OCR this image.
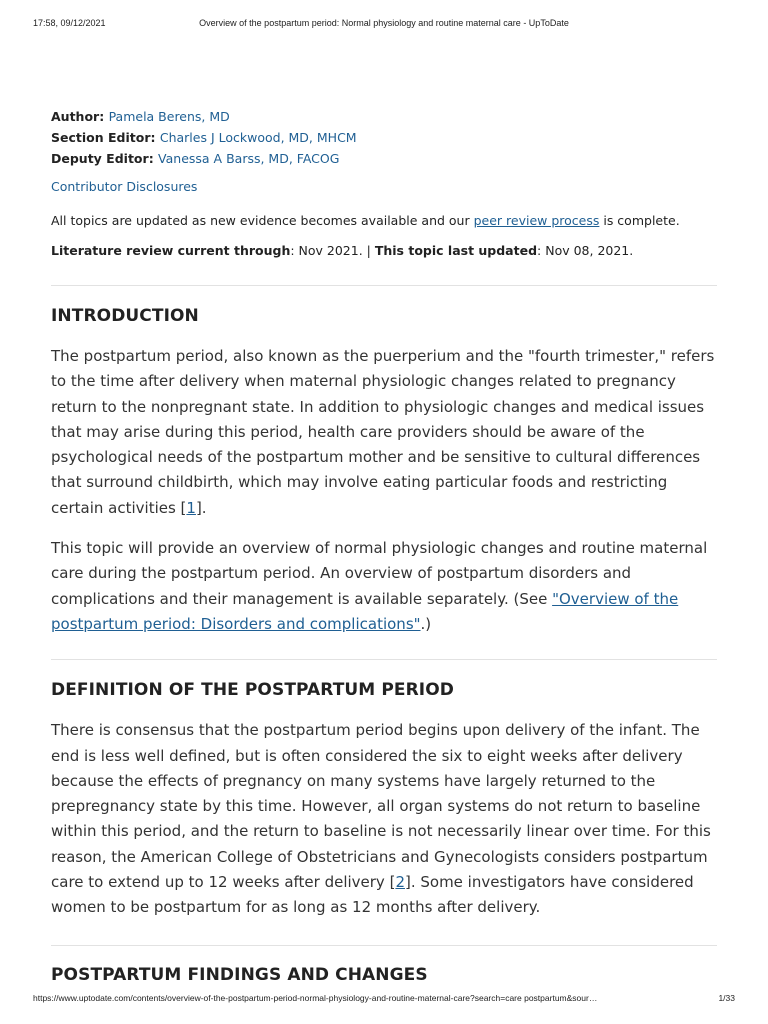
17:58, 09/12/2021	Overview of the postpartum period: Normal physiology and routine maternal care - UpToDate
Author: Pamela Berens, MD
Section Editor: Charles J Lockwood, MD, MHCM
Deputy Editor: Vanessa A Barss, MD, FACOG
Contributor Disclosures
All topics are updated as new evidence becomes available and our peer review process is complete.
Literature review current through: Nov 2021. | This topic last updated: Nov 08, 2021.
INTRODUCTION

The postpartum period, also known as the puerperium and the "fourth trimester," refers to the time after delivery when maternal physiologic changes related to pregnancy return to the nonpregnant state. In addition to physiologic changes and medical issues that may arise during this period, health care providers should be aware of the psychological needs of the postpartum mother and be sensitive to cultural differences that surround childbirth, which may involve eating particular foods and restricting certain activities [1].

This topic will provide an overview of normal physiologic changes and routine maternal care during the postpartum period. An overview of postpartum disorders and complications and their management is available separately. (See "Overview of the postpartum period: Disorders and complications".)

DEFINITION OF THE POSTPARTUM PERIOD

There is consensus that the postpartum period begins upon delivery of the infant. The end is less well defined, but is often considered the six to eight weeks after delivery because the effects of pregnancy on many systems have largely returned to the prepregnancy state by this time. However, all organ systems do not return to baseline within this period, and the return to baseline is not necessarily linear over time. For this reason, the American College of Obstetricians and Gynecologists considers postpartum care to extend up to 12 weeks after delivery [2]. Some investigators have considered women to be postpartum for as long as 12 months after delivery.

POSTPARTUM FINDINGS AND CHANGES
https://www.uptodate.com/contents/overview-of-the-postpartum-period-normal-physiology-and-routine-maternal-care?search=care postpartum&sour…	1/33
